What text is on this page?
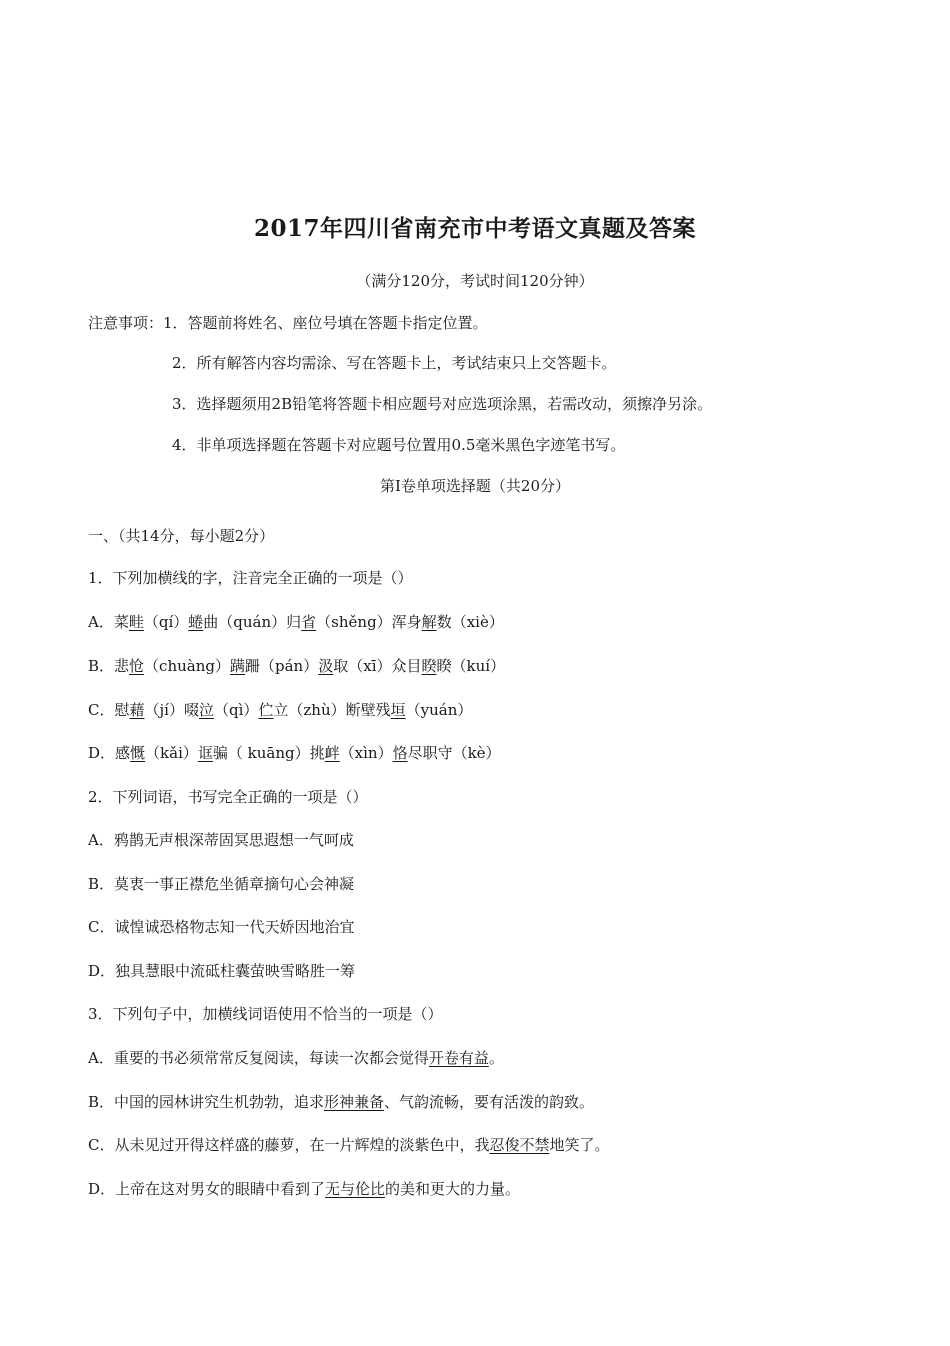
2017年四川省南充市中考语文真题及答案
（满分120分，考试时间120分钟）
注意事项：1．答题前将姓名、座位号填在答题卡指定位置。
2．所有解答内容均需涂、写在答题卡上，考试结束只上交答题卡。
3．选择题须用2B铅笔将答题卡相应题号对应选项涂黑，若需改动，须擦净另涂。
4．非单项选择题在答题卡对应题号位置用0.5毫米黑色字迹笔书写。
第Ⅰ卷单项选择题（共20分）
一、（共14分，每小题2分）
1．下列加横线的字，注音完全正确的一项是（）
A．菜畦（qí）蜷曲（quán）归省（shěng）浑身解数（xiè）
B．悲怆（chuàng）蹒跚（pán）汲取（xī）众目睽睽（kuí）
C．慰藉（jí）啜泣（qì）伫立（zhù）断壁残垣（yuán）
D．感慨（kǎi）诓骗（ kuāng）挑衅（xìn）恪尽职守（kè）
2．下列词语，书写完全正确的一项是（）
A．鸦鹊无声根深蒂固冥思遐想一气呵成
B．莫衷一事正襟危坐循章摘句心会神凝
C．诚惶诚恐格物志知一代天娇因地治宜
D．独具慧眼中流砥柱囊萤映雪略胜一筹
3．下列句子中，加横线词语使用不恰当的一项是（）
A．重要的书必须常常反复阅读，每读一次都会觉得开卷有益。
B．中国的园林讲究生机勃勃，追求形神兼备、气韵流畅，要有活泼的韵致。
C．从未见过开得这样盛的藤萝，在一片辉煌的淡紫色中，我忍俊不禁地笑了。
D．上帝在这对男女的眼睛中看到了无与伦比的美和更大的力量。
